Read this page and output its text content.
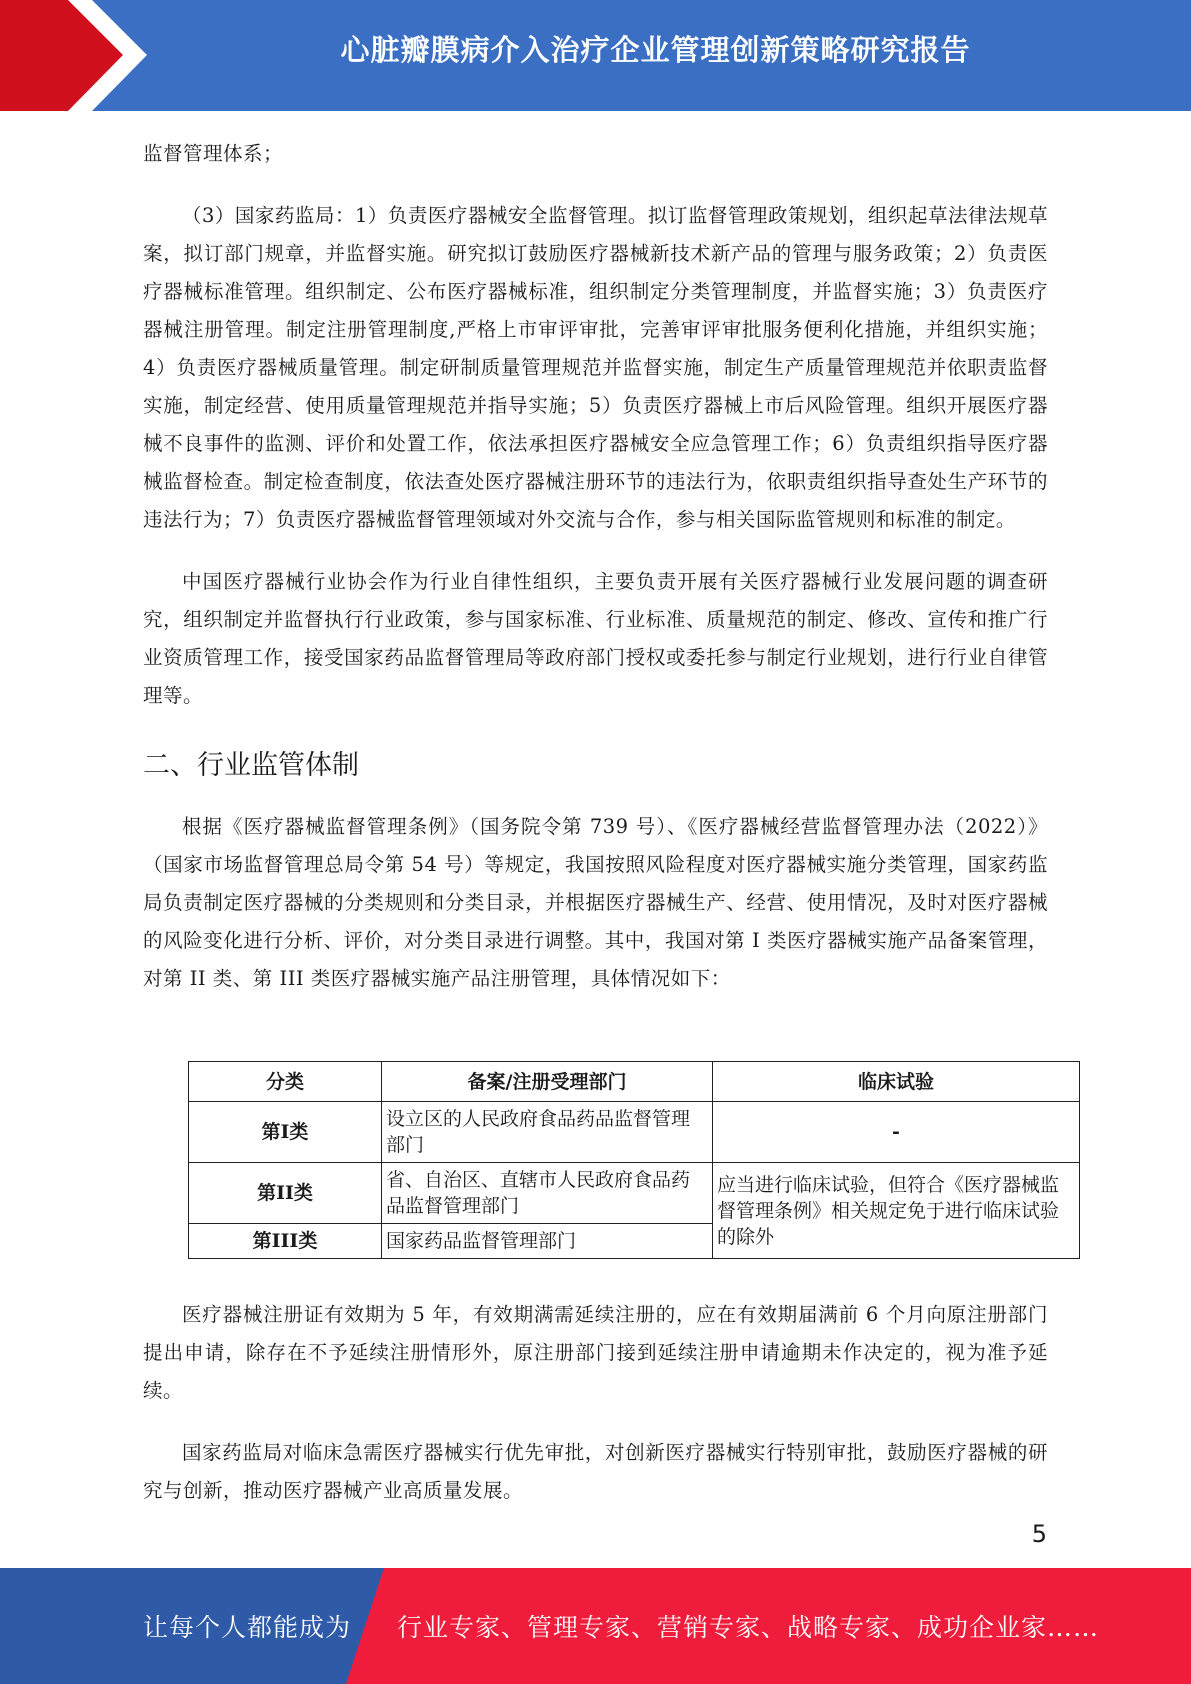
心脏瓣膜病介入治疗企业管理创新策略研究报告

监督管理体系；

（3）国家药监局：1）负责医疗器械安全监督管理。拟订监督管理政策规划，组织起草法律法规草案，拟订部门规章，并监督实施。研究拟订鼓励医疗器械新技术新产品的管理与服务政策；2）负责医疗器械标准管理。组织制定、公布医疗器械标准，组织制定分类管理制度，并监督实施；3）负责医疗器械注册管理。制定注册管理制度,严格上市审评审批，完善审评审批服务便利化措施，并组织实施；4）负责医疗器械质量管理。制定研制质量管理规范并监督实施，制定生产质量管理规范并依职责监督实施，制定经营、使用质量管理规范并指导实施；5）负责医疗器械上市后风险管理。组织开展医疗器械不良事件的监测、评价和处置工作，依法承担医疗器械安全应急管理工作；6）负责组织指导医疗器械监督检查。制定检查制度，依法查处医疗器械注册环节的违法行为，依职责组织指导查处生产环节的违法行为；7）负责医疗器械监督管理领域对外交流与合作，参与相关国际监管规则和标准的制定。

中国医疗器械行业协会作为行业自律性组织，主要负责开展有关医疗器械行业发展问题的调查研究，组织制定并监督执行行业政策，参与国家标准、行业标准、质量规范的制定、修改、宣传和推广行业资质管理工作，接受国家药品监督管理局等政府部门授权或委托参与制定行业规划，进行行业自律管理等。

二、行业监管体制

根据《医疗器械监督管理条例》（国务院令第 739 号）、《医疗器械经营监督管理办法（2022）》（国家市场监督管理总局令第 54 号）等规定，我国按照风险程度对医疗器械实施分类管理，国家药监局负责制定医疗器械的分类规则和分类目录，并根据医疗器械生产、经营、使用情况，及时对医疗器械的风险变化进行分析、评价，对分类目录进行调整。其中，我国对第 I 类医疗器械实施产品备案管理，对第 II 类、第 III 类医疗器械实施产品注册管理，具体情况如下：

分类	备案/注册受理部门	临床试验
第I类	设立区的人民政府食品药品监督管理部门	-
第II类	省、自治区、直辖市人民政府食品药品监督管理部门	应当进行临床试验，但符合《医疗器械监督管理条例》相关规定免于进行临床试验的除外
第III类	国家药品监督管理部门	

医疗器械注册证有效期为 5 年，有效期满需延续注册的，应在有效期届满前 6 个月向原注册部门提出申请，除存在不予延续注册情形外，原注册部门接到延续注册申请逾期未作决定的，视为准予延续。

国家药监局对临床急需医疗器械实行优先审批，对创新医疗器械实行特别审批，鼓励医疗器械的研究与创新，推动医疗器械产业高质量发展。

5
让每个人都能成为 行业专家、管理专家、营销专家、战略专家、成功企业家……
